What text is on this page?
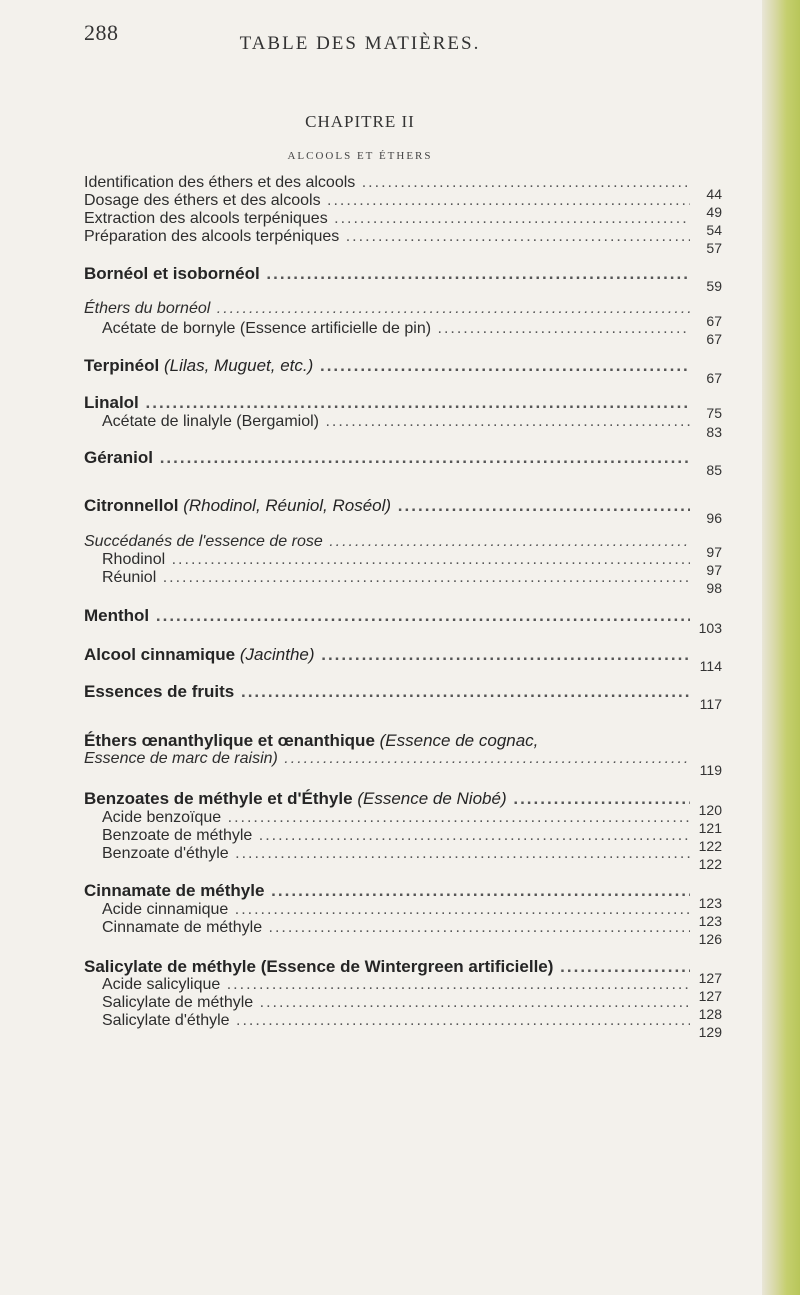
288	TABLE DES MATIÈRES.
CHAPITRE II
ALCOOLS ET ÉTHERS
Identification des éthers et des alcools .....
Dosage des éthers et des alcools .....
Extraction des alcools terpéniques .....
Préparation des alcools terpéniques .....
Bornéol et isobornéol .....
Éthers du bornéol .....
Acétate de bornyle (Essence artificielle de pin) .....
Terpinéol (Lilas, Muguet, etc.) .....
Linalol .....
Acétate de linalyle (Bergamiol) .....
Géraniol .....
Citronnellol (Rhodinol, Réuniol, Roséol) .....
Succédanés de l'essence de rose .....
Rhodinol .....
Réuniol .....
Menthol .....
Alcool cinnamique (Jacinthe) .....
Essences de fruits .....
Éthers œnanthylique et œnanthique (Essence de cognac,
Essence de marc de raisin) .....
Benzoates de méthyle et d'Éthyle (Essence de Niobé) .....
Acide benzoïque .....
Benzoate de méthyle .....
Benzoate d'éthyle .....
Cinnamate de méthyle .....
Acide cinnamique .....
Cinnamate de méthyle .....
Salicylate de méthyle (Essence de Wintergreen artificielle) .....
Acide salicylique .....
Salicylate de méthyle .....
Salicylate d'éthyle .....
44
49
54
57
59
67
67
67
75
83
85
96
97
97
98
103
114
117
119
120
121
122
122
123
123
126
127
127
128
129
